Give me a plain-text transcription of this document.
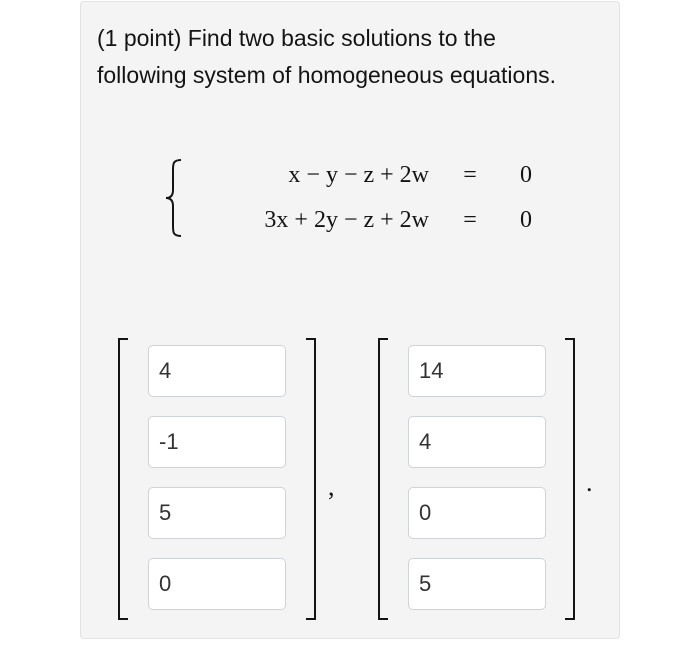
(1 point) Find two basic solutions to the following system of homogeneous equations.

x − y − z + 2w	=	0
3x + 2y − z + 2w	=	0
4
-1
5
0
,
14
4
0
5	.
